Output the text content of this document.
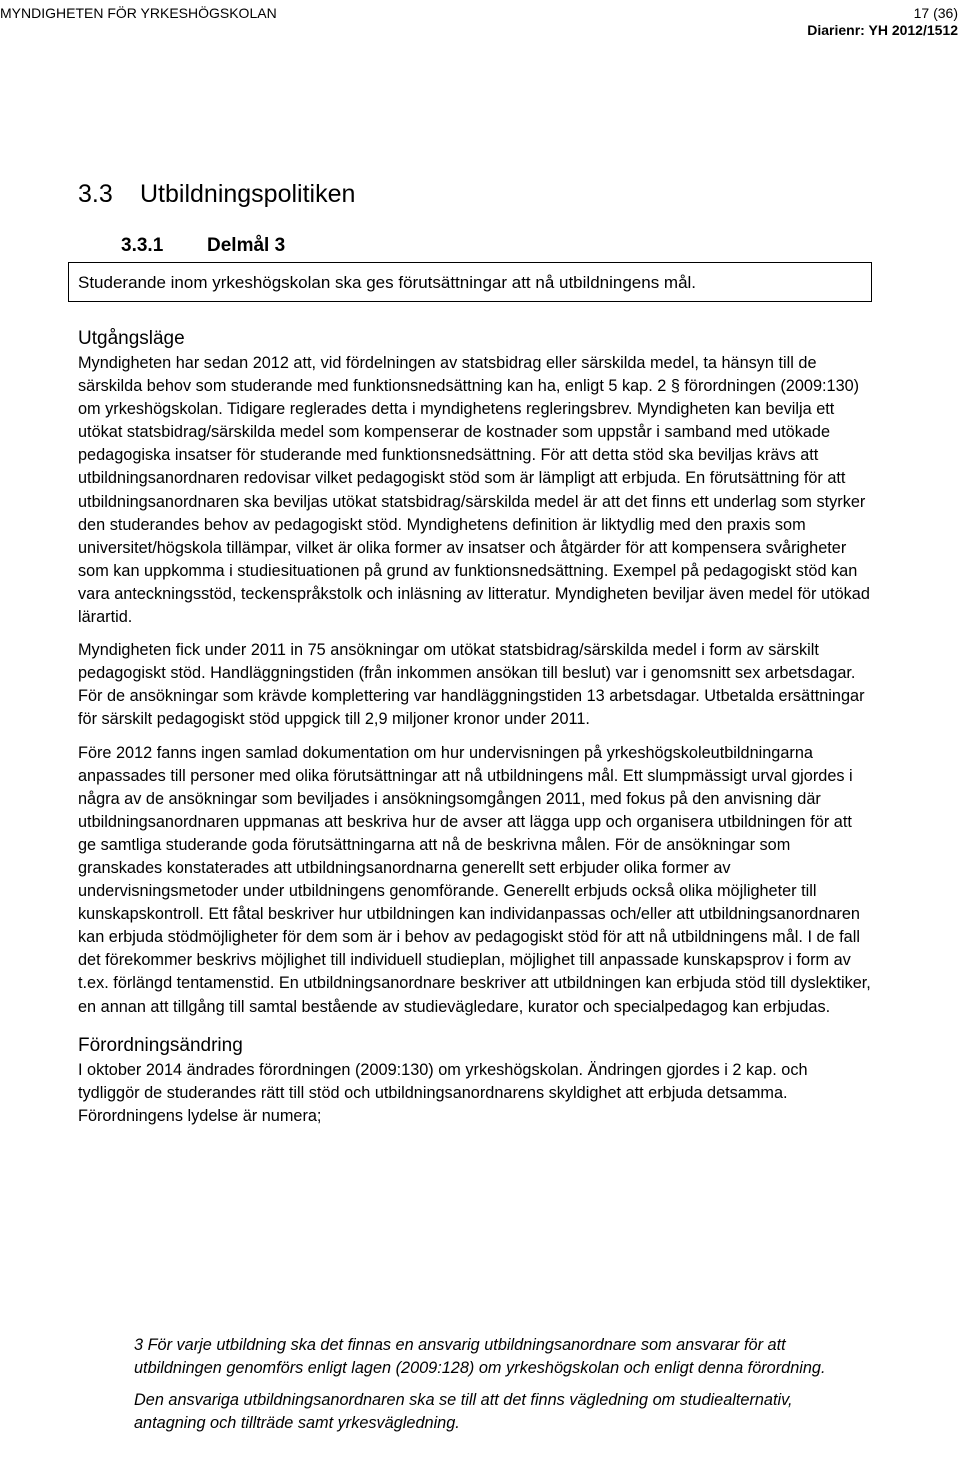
MYNDIGHETEN FÖR YRKESHÖGSKOLAN	17 (36)
Diarienr: YH 2012/1512
3.3 Utbildningspolitiken
3.3.1 Delmål 3
Studerande inom yrkeshögskolan ska ges förutsättningar att nå utbildningens mål.
Utgångsläge

Myndigheten har sedan 2012 att, vid fördelningen av statsbidrag eller särskilda medel, ta hänsyn till de särskilda behov som studerande med funktionsnedsättning kan ha, enligt 5 kap. 2 § förordningen (2009:130) om yrkeshögskolan. Tidigare reglerades detta i myndighetens regleringsbrev. Myndigheten kan bevilja ett utökat statsbidrag/särskilda medel som kompenserar de kostnader som uppstår i samband med utökade pedagogiska insatser för studerande med funktionsnedsättning. För att detta stöd ska beviljas krävs att utbildningsanordnaren redovisar vilket pedagogiskt stöd som är lämpligt att erbjuda. En förutsättning för att utbildningsanordnaren ska beviljas utökat statsbidrag/särskilda medel är att det finns ett underlag som styrker den studerandes behov av pedagogiskt stöd. Myndighetens definition är liktydlig med den praxis som universitet/högskola tillämpar, vilket är olika former av insatser och åtgärder för att kompensera svårigheter som kan uppkomma i studiesituationen på grund av funktionsnedsättning. Exempel på pedagogiskt stöd kan vara anteckningsstöd, teckenspråkstolk och inläsning av litteratur. Myndigheten beviljar även medel för utökad lärartid.

Myndigheten fick under 2011 in 75 ansökningar om utökat statsbidrag/särskilda medel i form av särskilt pedagogiskt stöd. Handläggningstiden (från inkommen ansökan till beslut) var i genomsnitt sex arbetsdagar. För de ansökningar som krävde komplettering var handläggningstiden 13 arbetsdagar. Utbetalda ersättningar för särskilt pedagogiskt stöd uppgick till 2,9 miljoner kronor under 2011.

Före 2012 fanns ingen samlad dokumentation om hur undervisningen på yrkeshögskoleutbildningarna anpassades till personer med olika förutsättningar att nå utbildningens mål. Ett slumpmässigt urval gjordes i några av de ansökningar som beviljades i ansökningsomgången 2011, med fokus på den anvisning där utbildningsanordnaren uppmanas att beskriva hur de avser att lägga upp och organisera utbildningen för att ge samtliga studerande goda förutsättningarna att nå de beskrivna målen. För de ansökningar som granskades konstaterades att utbildningsanordnarna generellt sett erbjuder olika former av undervisningsmetoder under utbildningens genomförande. Generellt erbjuds också olika möjligheter till kunskapskontroll. Ett fåtal beskriver hur utbildningen kan individanpassas och/eller att utbildningsanordnaren kan erbjuda stödmöjligheter för dem som är i behov av pedagogiskt stöd för att nå utbildningens mål. I de fall det förekommer beskrivs möjlighet till individuell studieplan, möjlighet till anpassade kunskapsprov i form av t.ex. förlängd tentamenstid. En utbildningsanordnare beskriver att utbildningen kan erbjuda stöd till dyslektiker, en annan att tillgång till samtal bestående av studievägledare, kurator och specialpedagog kan erbjudas.

Förordningsändring

I oktober 2014 ändrades förordningen (2009:130) om yrkeshögskolan. Ändringen gjordes i 2 kap. och tydliggör de studerandes rätt till stöd och utbildningsanordnarens skyldighet att erbjuda detsamma. Förordningens lydelse är numera;

3 För varje utbildning ska det finnas en ansvarig utbildningsanordnare som ansvarar för att utbildningen genomförs enligt lagen (2009:128) om yrkeshögskolan och enligt denna förordning.
Den ansvariga utbildningsanordnaren ska se till att det finns vägledning om studiealternativ, antagning och tillträde samt yrkesvägledning.
